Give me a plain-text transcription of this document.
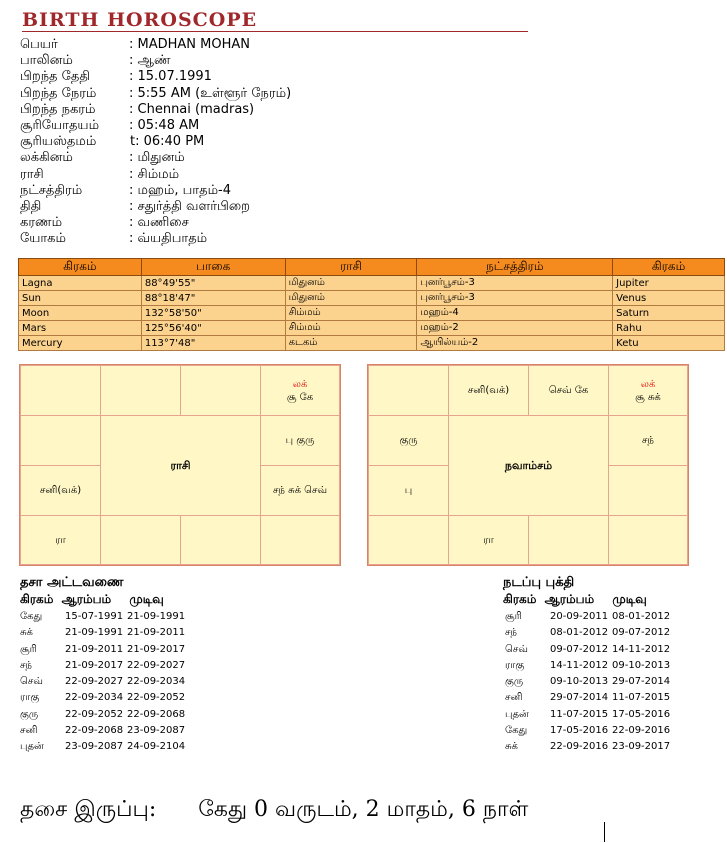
BIRTH HOROSCOPE
பெயர்	: MADHAN MOHAN
பாலினம்	: ஆண்
பிறந்த தேதி	: 15.07.1991
பிறந்த நேரம்	: 5:55 AM (உள்ளூர் நேரம்)
பிறந்த நகரம்	: Chennai (madras)
சூரியோதயம்	: 05:48 AM
சூரியஸ்தமம்	t: 06:40 PM
லக்கினம்	: மிதுனம்
ராசி	: சிம்மம்
நட்சத்திரம்	: மஹம், பாதம்-4
திதி	: சதுர்த்தி வளர்பிறை
கரணம்	: வணிசை
யோகம்	: வ்யதிபாதம்
கிரகம்	பாகை	ராசி	நட்சத்திரம்	கிரகம்
Lagna	88°49'55"	மிதுனம்	புனர்பூசம்-3	Jupiter
Sun	88°18'47"	மிதுனம்	புனர்பூசம்-3	Venus
Moon	132°58'50"	சிம்மம்	மஹம்-4	Saturn
Mars	125°56'40"	சிம்மம்	மஹம்-2	Rahu
Mercury	113°7'48"	கடகம்	ஆயில்யம்-2	Ketu
லக்
சூ கே
ராசி
பு குரு
சனி(வக்)	சந் சுக் செவ்
ரா
சனி(வக்)	செவ் கே
லக்
சூ சுக்
குரு
நவாம்சம்
சந்
பு
ரா
தசா அட்டவணை
கிரகம் ஆரம்பம் முடிவு
கேது 15-07-1991 21-09-1991
சுக்	21-09-1991 21-09-2011
சூரி	21-09-2011 21-09-2017
சந்	21-09-2017 22-09-2027
செவ் 22-09-2027 22-09-2034
ராகு	22-09-2034 22-09-2052
குரு	22-09-2052 22-09-2068
சனி	22-09-2068 23-09-2087
புதன் 23-09-2087 24-09-2104
நடப்பு புக்தி
கிரகம் ஆரம்பம் முடிவு
சூரி	20-09-2011 08-01-2012
சந்	08-01-2012 09-07-2012
செவ் 09-07-2012 14-11-2012
ராகு	14-11-2012 09-10-2013
குரு	09-10-2013 29-07-2014
சனி	29-07-2014 11-07-2015
புதன் 11-07-2015 17-05-2016
கேது 17-05-2016 22-09-2016
சுக்	22-09-2016 23-09-2017
தசை இருப்பு: கேது 0 வருடம், 2 மாதம், 6 நாள்
